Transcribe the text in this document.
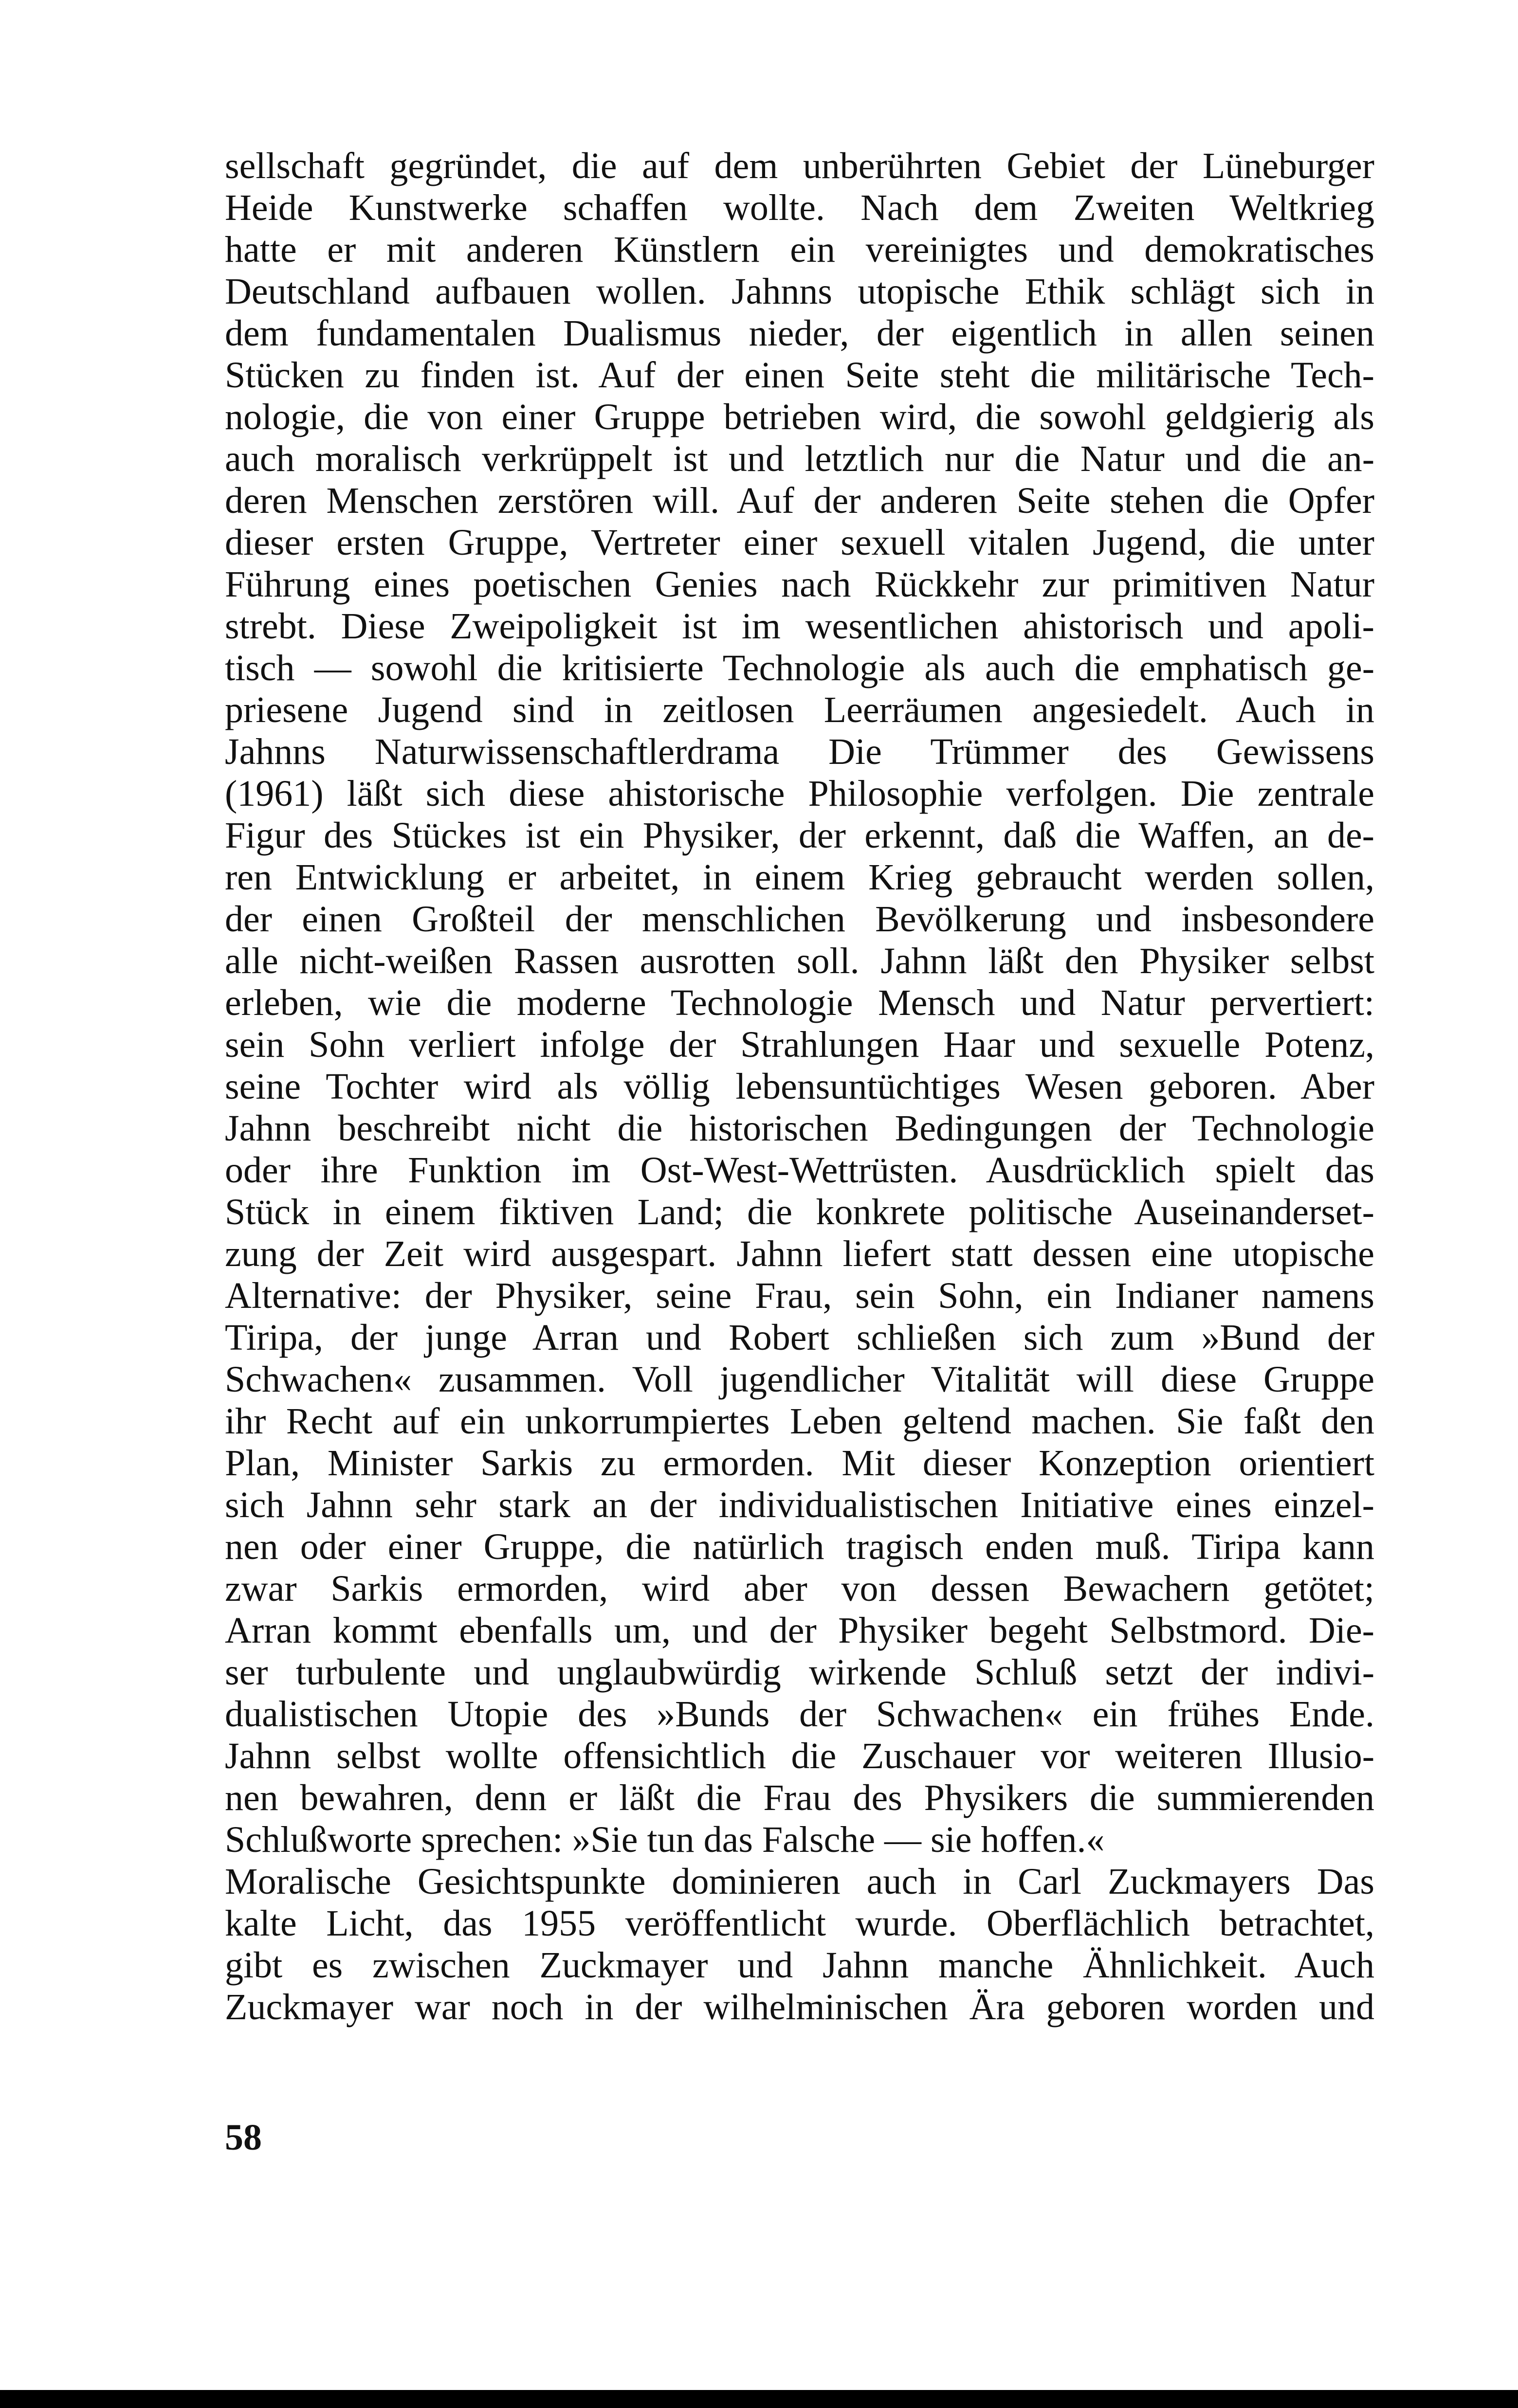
sellschaft gegründet, die auf dem unberührten Gebiet der Lüneburger
Heide Kunstwerke schaffen wollte. Nach dem Zweiten Weltkrieg
hatte er mit anderen Künstlern ein vereinigtes und demokratisches
Deutschland aufbauen wollen. Jahnns utopische Ethik schlägt sich in
dem fundamentalen Dualismus nieder, der eigentlich in allen seinen
Stücken zu finden ist. Auf der einen Seite steht die militärische Tech-
nologie, die von einer Gruppe betrieben wird, die sowohl geldgierig als
auch moralisch verkrüppelt ist und letztlich nur die Natur und die an-
deren Menschen zerstören will. Auf der anderen Seite stehen die Opfer
dieser ersten Gruppe, Vertreter einer sexuell vitalen Jugend, die unter
Führung eines poetischen Genies nach Rückkehr zur primitiven Natur
strebt. Diese Zweipoligkeit ist im wesentlichen ahistorisch und apoli-
tisch — sowohl die kritisierte Technologie als auch die emphatisch ge-
priesene Jugend sind in zeitlosen Leerräumen angesiedelt. Auch in
Jahnns Naturwissenschaftlerdrama Die Trümmer des Gewissens
(1961) läßt sich diese ahistorische Philosophie verfolgen. Die zentrale
Figur des Stückes ist ein Physiker, der erkennt, daß die Waffen, an de-
ren Entwicklung er arbeitet, in einem Krieg gebraucht werden sollen,
der einen Großteil der menschlichen Bevölkerung und insbesondere
alle nicht-weißen Rassen ausrotten soll. Jahnn läßt den Physiker selbst
erleben, wie die moderne Technologie Mensch und Natur pervertiert:
sein Sohn verliert infolge der Strahlungen Haar und sexuelle Potenz,
seine Tochter wird als völlig lebensuntüchtiges Wesen geboren. Aber
Jahnn beschreibt nicht die historischen Bedingungen der Technologie
oder ihre Funktion im Ost-West-Wettrüsten. Ausdrücklich spielt das
Stück in einem fiktiven Land; die konkrete politische Auseinanderset-
zung der Zeit wird ausgespart. Jahnn liefert statt dessen eine utopische
Alternative: der Physiker, seine Frau, sein Sohn, ein Indianer namens
Tiripa, der junge Arran und Robert schließen sich zum »Bund der
Schwachen« zusammen. Voll jugendlicher Vitalität will diese Gruppe
ihr Recht auf ein unkorrumpiertes Leben geltend machen. Sie faßt den
Plan, Minister Sarkis zu ermorden. Mit dieser Konzeption orientiert
sich Jahnn sehr stark an der individualistischen Initiative eines einzel-
nen oder einer Gruppe, die natürlich tragisch enden muß. Tiripa kann
zwar Sarkis ermorden, wird aber von dessen Bewachern getötet;
Arran kommt ebenfalls um, und der Physiker begeht Selbstmord. Die-
ser turbulente und unglaubwürdig wirkende Schluß setzt der indivi-
dualistischen Utopie des »Bunds der Schwachen« ein frühes Ende.
Jahnn selbst wollte offensichtlich die Zuschauer vor weiteren Illusio-
nen bewahren, denn er läßt die Frau des Physikers die summierenden
Schlußworte sprechen: »Sie tun das Falsche — sie hoffen.«
Moralische Gesichtspunkte dominieren auch in Carl Zuckmayers Das
kalte Licht, das 1955 veröffentlicht wurde. Oberflächlich betrachtet,
gibt es zwischen Zuckmayer und Jahnn manche Ähnlichkeit. Auch
Zuckmayer war noch in der wilhelminischen Ära geboren worden und
58
